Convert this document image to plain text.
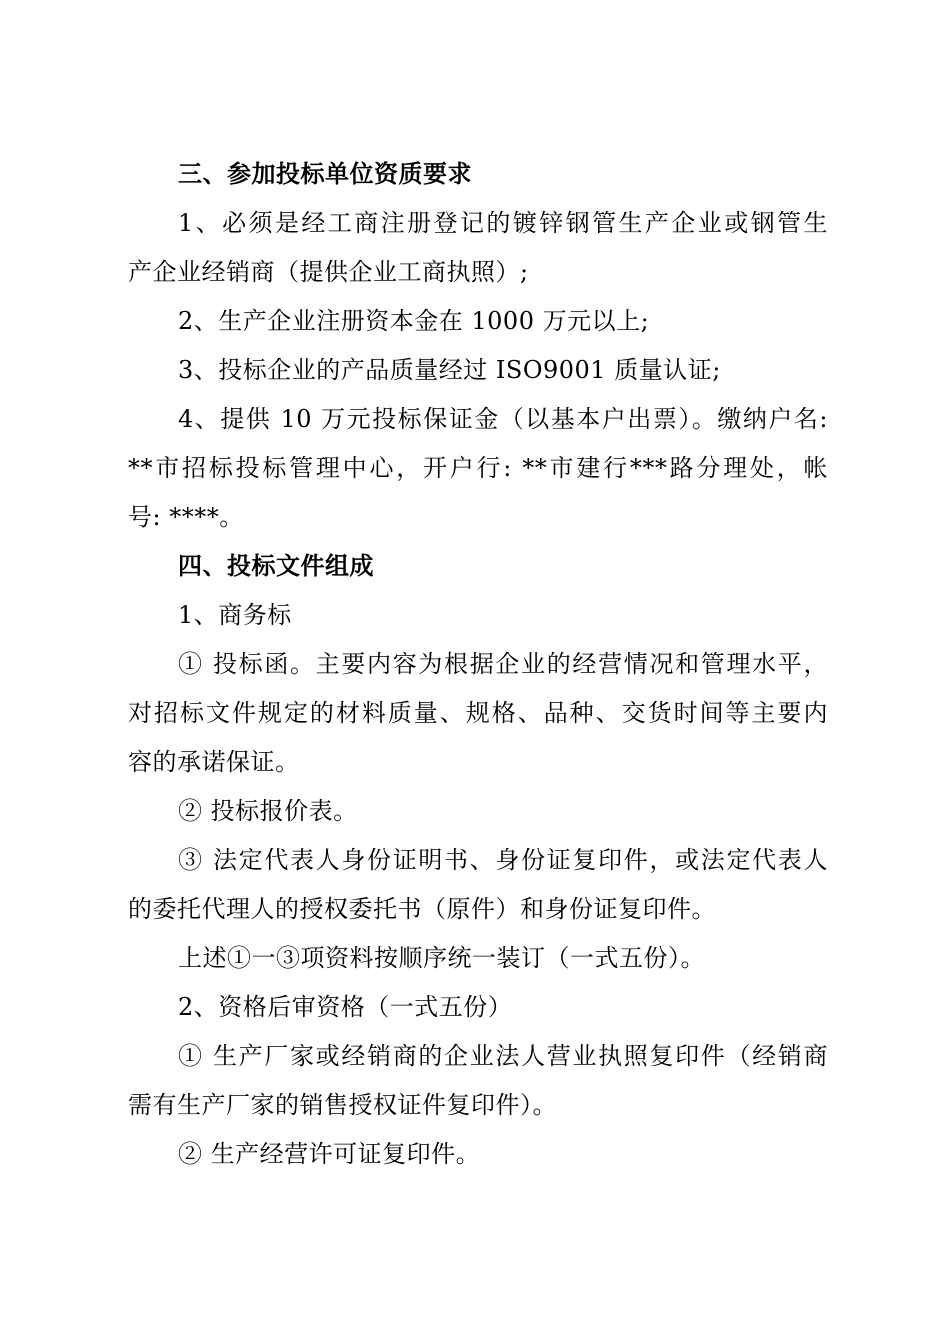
三、参加投标单位资质要求
1、必须是经工商注册登记的镀锌钢管生产企业或钢管生
产企业经销商（提供企业工商执照）;
2、生产企业注册资本金在 1000 万元以上;
3、投标企业的产品质量经过 ISO9001 质量认证;
4、提供 10 万元投标保证金（以基本户出票）。缴纳户名:
**市招标投标管理中心，开户行: **市建行***路分理处，帐
号: ****。
四、投标文件组成
1、商务标
① 投标函。主要内容为根据企业的经营情况和管理水平，
对招标文件规定的材料质量、规格、品种、交货时间等主要内
容的承诺保证。
② 投标报价表。
③ 法定代表人身份证明书、身份证复印件，或法定代表人
的委托代理人的授权委托书（原件）和身份证复印件。
上述①一③项资料按顺序统一装订（一式五份）。
2、资格后审资格（一式五份）
① 生产厂家或经销商的企业法人营业执照复印件（经销商
需有生产厂家的销售授权证件复印件）。
② 生产经营许可证复印件。
